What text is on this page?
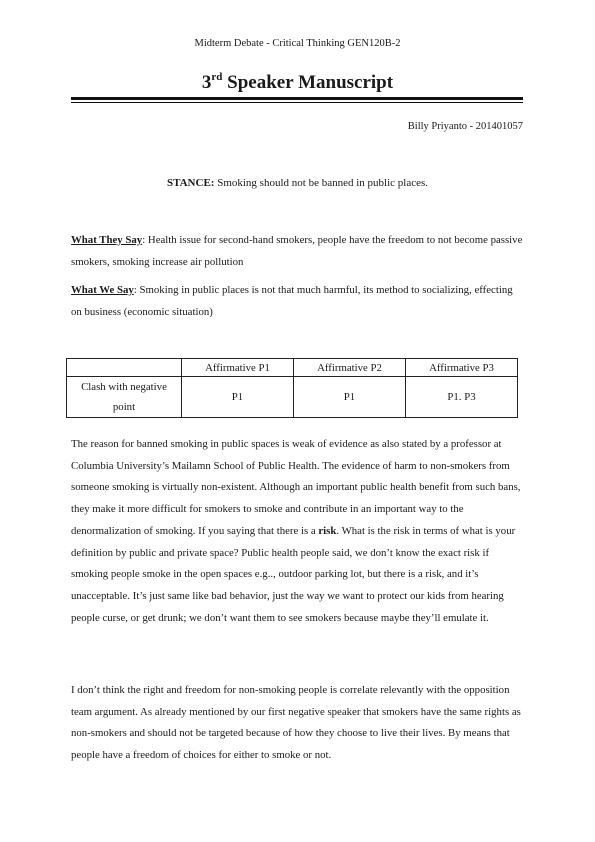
Midterm Debate - Critical Thinking GEN120B-2
3rd Speaker Manuscript
Billy Priyanto - 201401057
STANCE: Smoking should not be banned in public places.
What They Say: Health issue for second-hand smokers, people have the freedom to not become passive smokers, smoking increase air pollution
What We Say: Smoking in public places is not that much harmful, its method to socializing, effecting on business (economic situation)
	Affirmative P1	Affirmative P2	Affirmative P3
Clash with negative point	P1	P1	P1. P3
The reason for banned smoking in public spaces is weak of evidence as also stated by a professor at Columbia University’s Mailamn School of Public Health. The evidence of harm to non-smokers from someone smoking is virtually non-existent. Although an important public health benefit from such bans, they make it more difficult for smokers to smoke and contribute in an important way to the denormalization of smoking. If you saying that there is a risk. What is the risk in terms of what is your definition by public and private space? Public health people said, we don’t know the exact risk if smoking people smoke in the open spaces e.g.., outdoor parking lot, but there is a risk, and it’s unacceptable. It’s just same like bad behavior, just the way we want to protect our kids from hearing people curse, or get drunk; we don’t want them to see smokers because maybe they’ll emulate it.
I don’t think the right and freedom for non-smoking people is correlate relevantly with the opposition team argument. As already mentioned by our first negative speaker that smokers have the same rights as non-smokers and should not be targeted because of how they choose to live their lives. By means that people have a freedom of choices for either to smoke or not.
